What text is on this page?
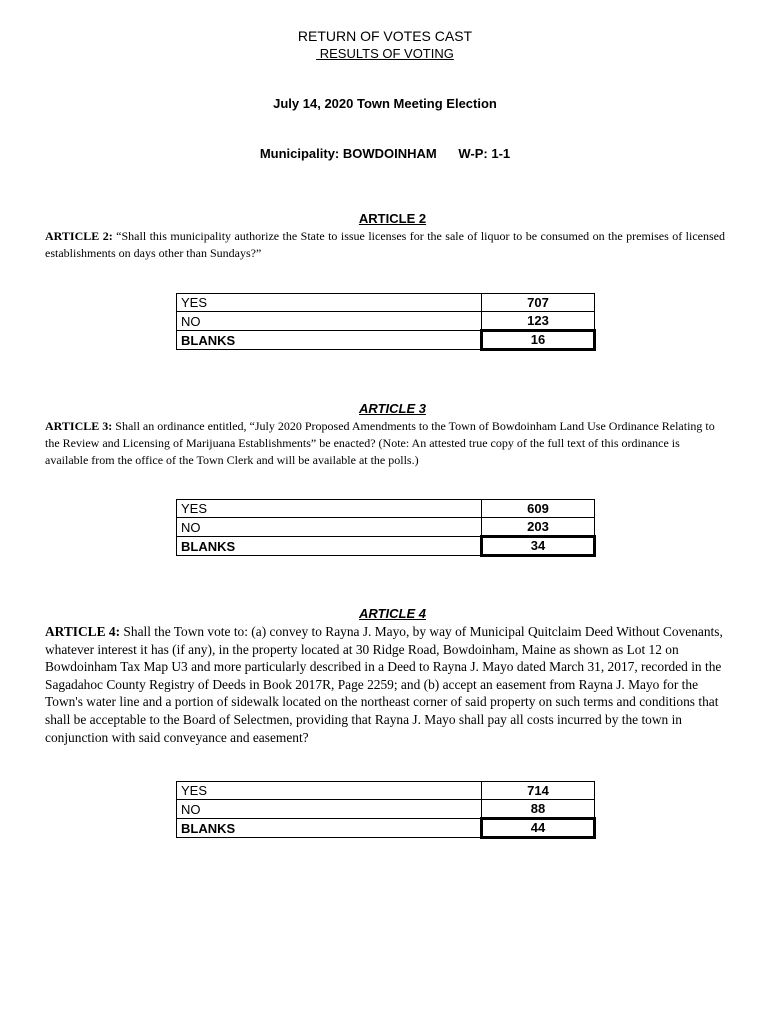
RETURN OF VOTES CAST
RESULTS OF VOTING
July 14, 2020 Town Meeting Election
Municipality: BOWDOINHAM W-P: 1-1
ARTICLE 2
ARTICLE 2: “Shall this municipality authorize the State to issue licenses for the sale of liquor to be consumed on the premises of licensed establishments on days other than Sundays?”
YES	707
NO	123
BLANKS	16
ARTICLE 3
ARTICLE 3: Shall an ordinance entitled, “July 2020 Proposed Amendments to the Town of Bowdoinham Land Use Ordinance Relating to the Review and Licensing of Marijuana Establishments” be enacted? (Note: An attested true copy of the full text of this ordinance is available from the office of the Town Clerk and will be available at the polls.)
YES	609
NO	203
BLANKS	34
ARTICLE 4
ARTICLE 4: Shall the Town vote to: (a) convey to Rayna J. Mayo, by way of Municipal Quitclaim Deed Without Covenants, whatever interest it has (if any), in the property located at 30 Ridge Road, Bowdoinham, Maine as shown as Lot 12 on Bowdoinham Tax Map U3 and more particularly described in a Deed to Rayna J. Mayo dated March 31, 2017, recorded in the Sagadahoc County Registry of Deeds in Book 2017R, Page 2259; and (b) accept an easement from Rayna J. Mayo for the Town's water line and a portion of sidewalk located on the northeast corner of said property on such terms and conditions that shall be acceptable to the Board of Selectmen, providing that Rayna J. Mayo shall pay all costs incurred by the town in conjunction with said conveyance and easement?
YES	714
NO	88
BLANKS	44
